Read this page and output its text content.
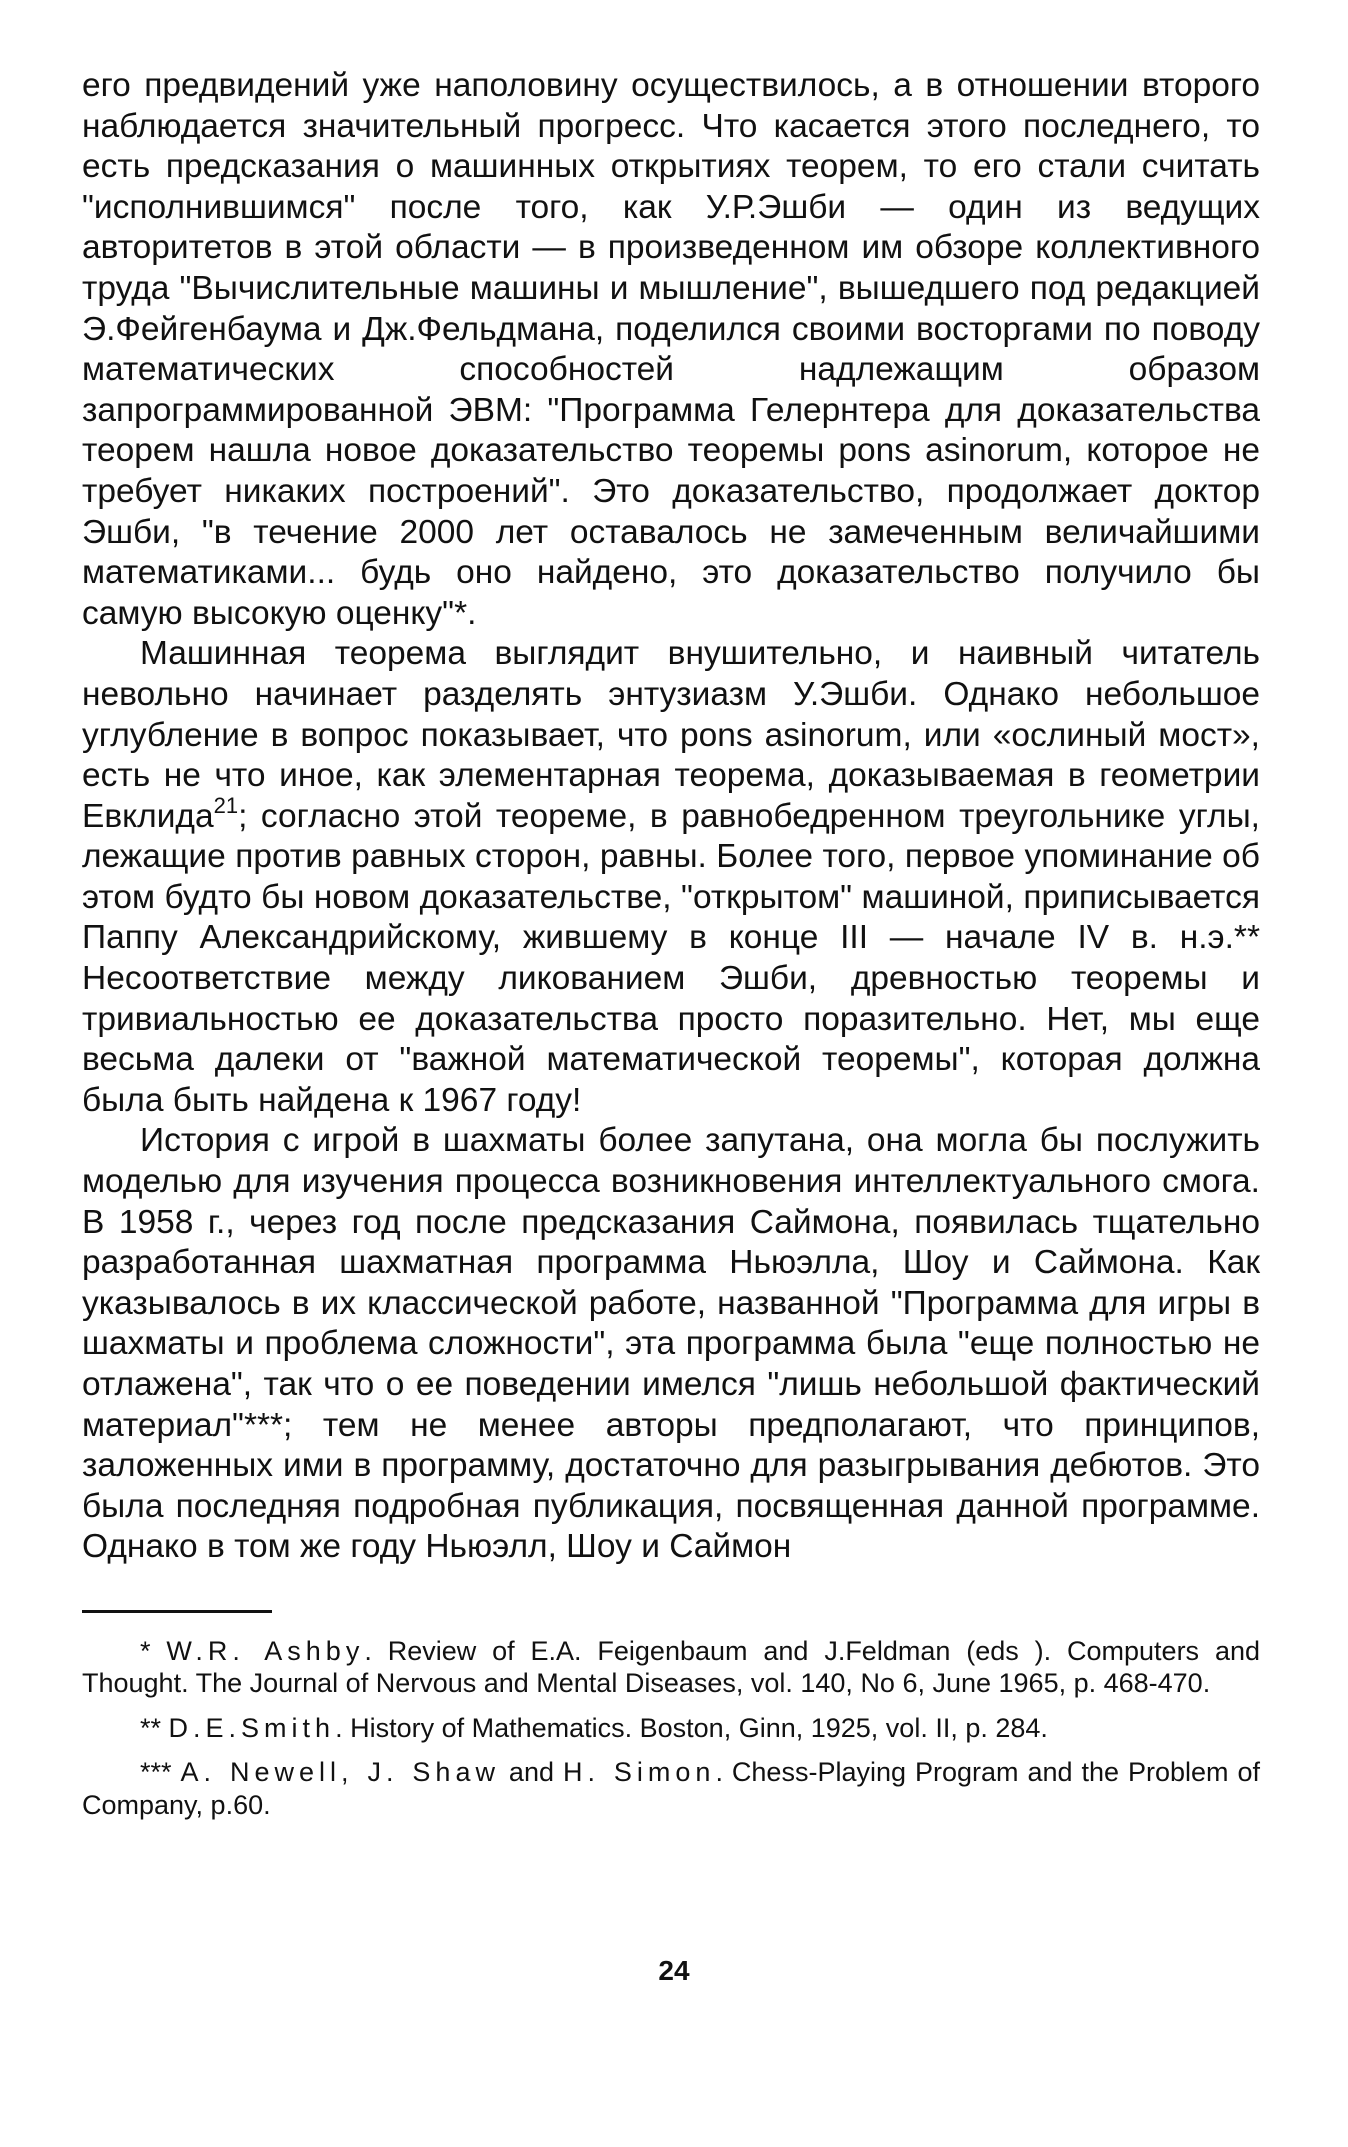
его предвидений уже наполовину осуществилось, а в отношении второго наблюдается значительный прогресс. Что касается этого последнего, то есть предсказания о машинных открытиях теорем, то его стали считать "исполнившимся" после того, как У.Р.Эшби — один из ведущих авторитетов в этой области — в произведенном им обзоре коллективного труда "Вычислительные машины и мышление", вышедшего под редакцией Э.Фейгенбаума и Дж.Фельдмана, поделился своими восторгами по поводу математических способностей надлежащим образом запрограммированной ЭВМ: "Программа Гелернтера для доказательства теорем нашла новое доказательство теоремы pons asinorum, которое не требует никаких построений". Это доказательство, продолжает доктор Эшби, "в течение 2000 лет оставалось не замеченным величайшими математиками... будь оно найдено, это доказательство получило бы самую высокую оценку"*.

Машинная теорема выглядит внушительно, и наивный читатель невольно начинает разделять энтузиазм У.Эшби. Однако небольшое углубление в вопрос показывает, что pons asinorum, или «ослиный мост», есть не что иное, как элементарная теорема, доказываемая в геометрии Евклида$^{21}$; согласно этой теореме, в равнобедренном треугольнике углы, лежащие против равных сторон, равны. Более того, первое упоминание об этом будто бы новом доказательстве, "открытом" машиной, приписывается Паппу Александрийскому, жившему в конце III — начале IV в. н.э.** Несоответствие между ликованием Эшби, древностью теоремы и тривиальностью ее доказательства просто поразительно. Нет, мы еще весьма далеки от "важной математической теоремы", которая должна была быть найдена к 1967 году!

История с игрой в шахматы более запутана, она могла бы послужить моделью для изучения процесса возникновения интеллектуального смога. В 1958 г., через год после предсказания Саймона, появилась тщательно разработанная шахматная программа Ньюэлла, Шоу и Саймона. Как указывалось в их классической работе, названной "Программа для игры в шахматы и проблема сложности", эта программа была "еще полностью не отлажена", так что о ее поведении имелся "лишь небольшой фактический материал"***; тем не менее авторы предполагают, что принципов, заложенных ими в программу, достаточно для разыгрывания дебютов. Это была последняя подробная публикация, посвященная данной программе. Однако в том же году Ньюэлл, Шоу и Саймон

* W.R. Ashby. Review of E.A. Feigenbaum and J.Feldman (eds ). Computers and Thought. The Journal of Nervous and Mental Diseases, vol. 140, No 6, June 1965, p. 468-470.

** D.E.Smith. History of Mathematics. Boston, Ginn, 1925, vol. II, p. 284.

*** A. Newell, J. Shaw and H. Simon. Chess-Playing Program and the Problem of Company, p.60.

24
